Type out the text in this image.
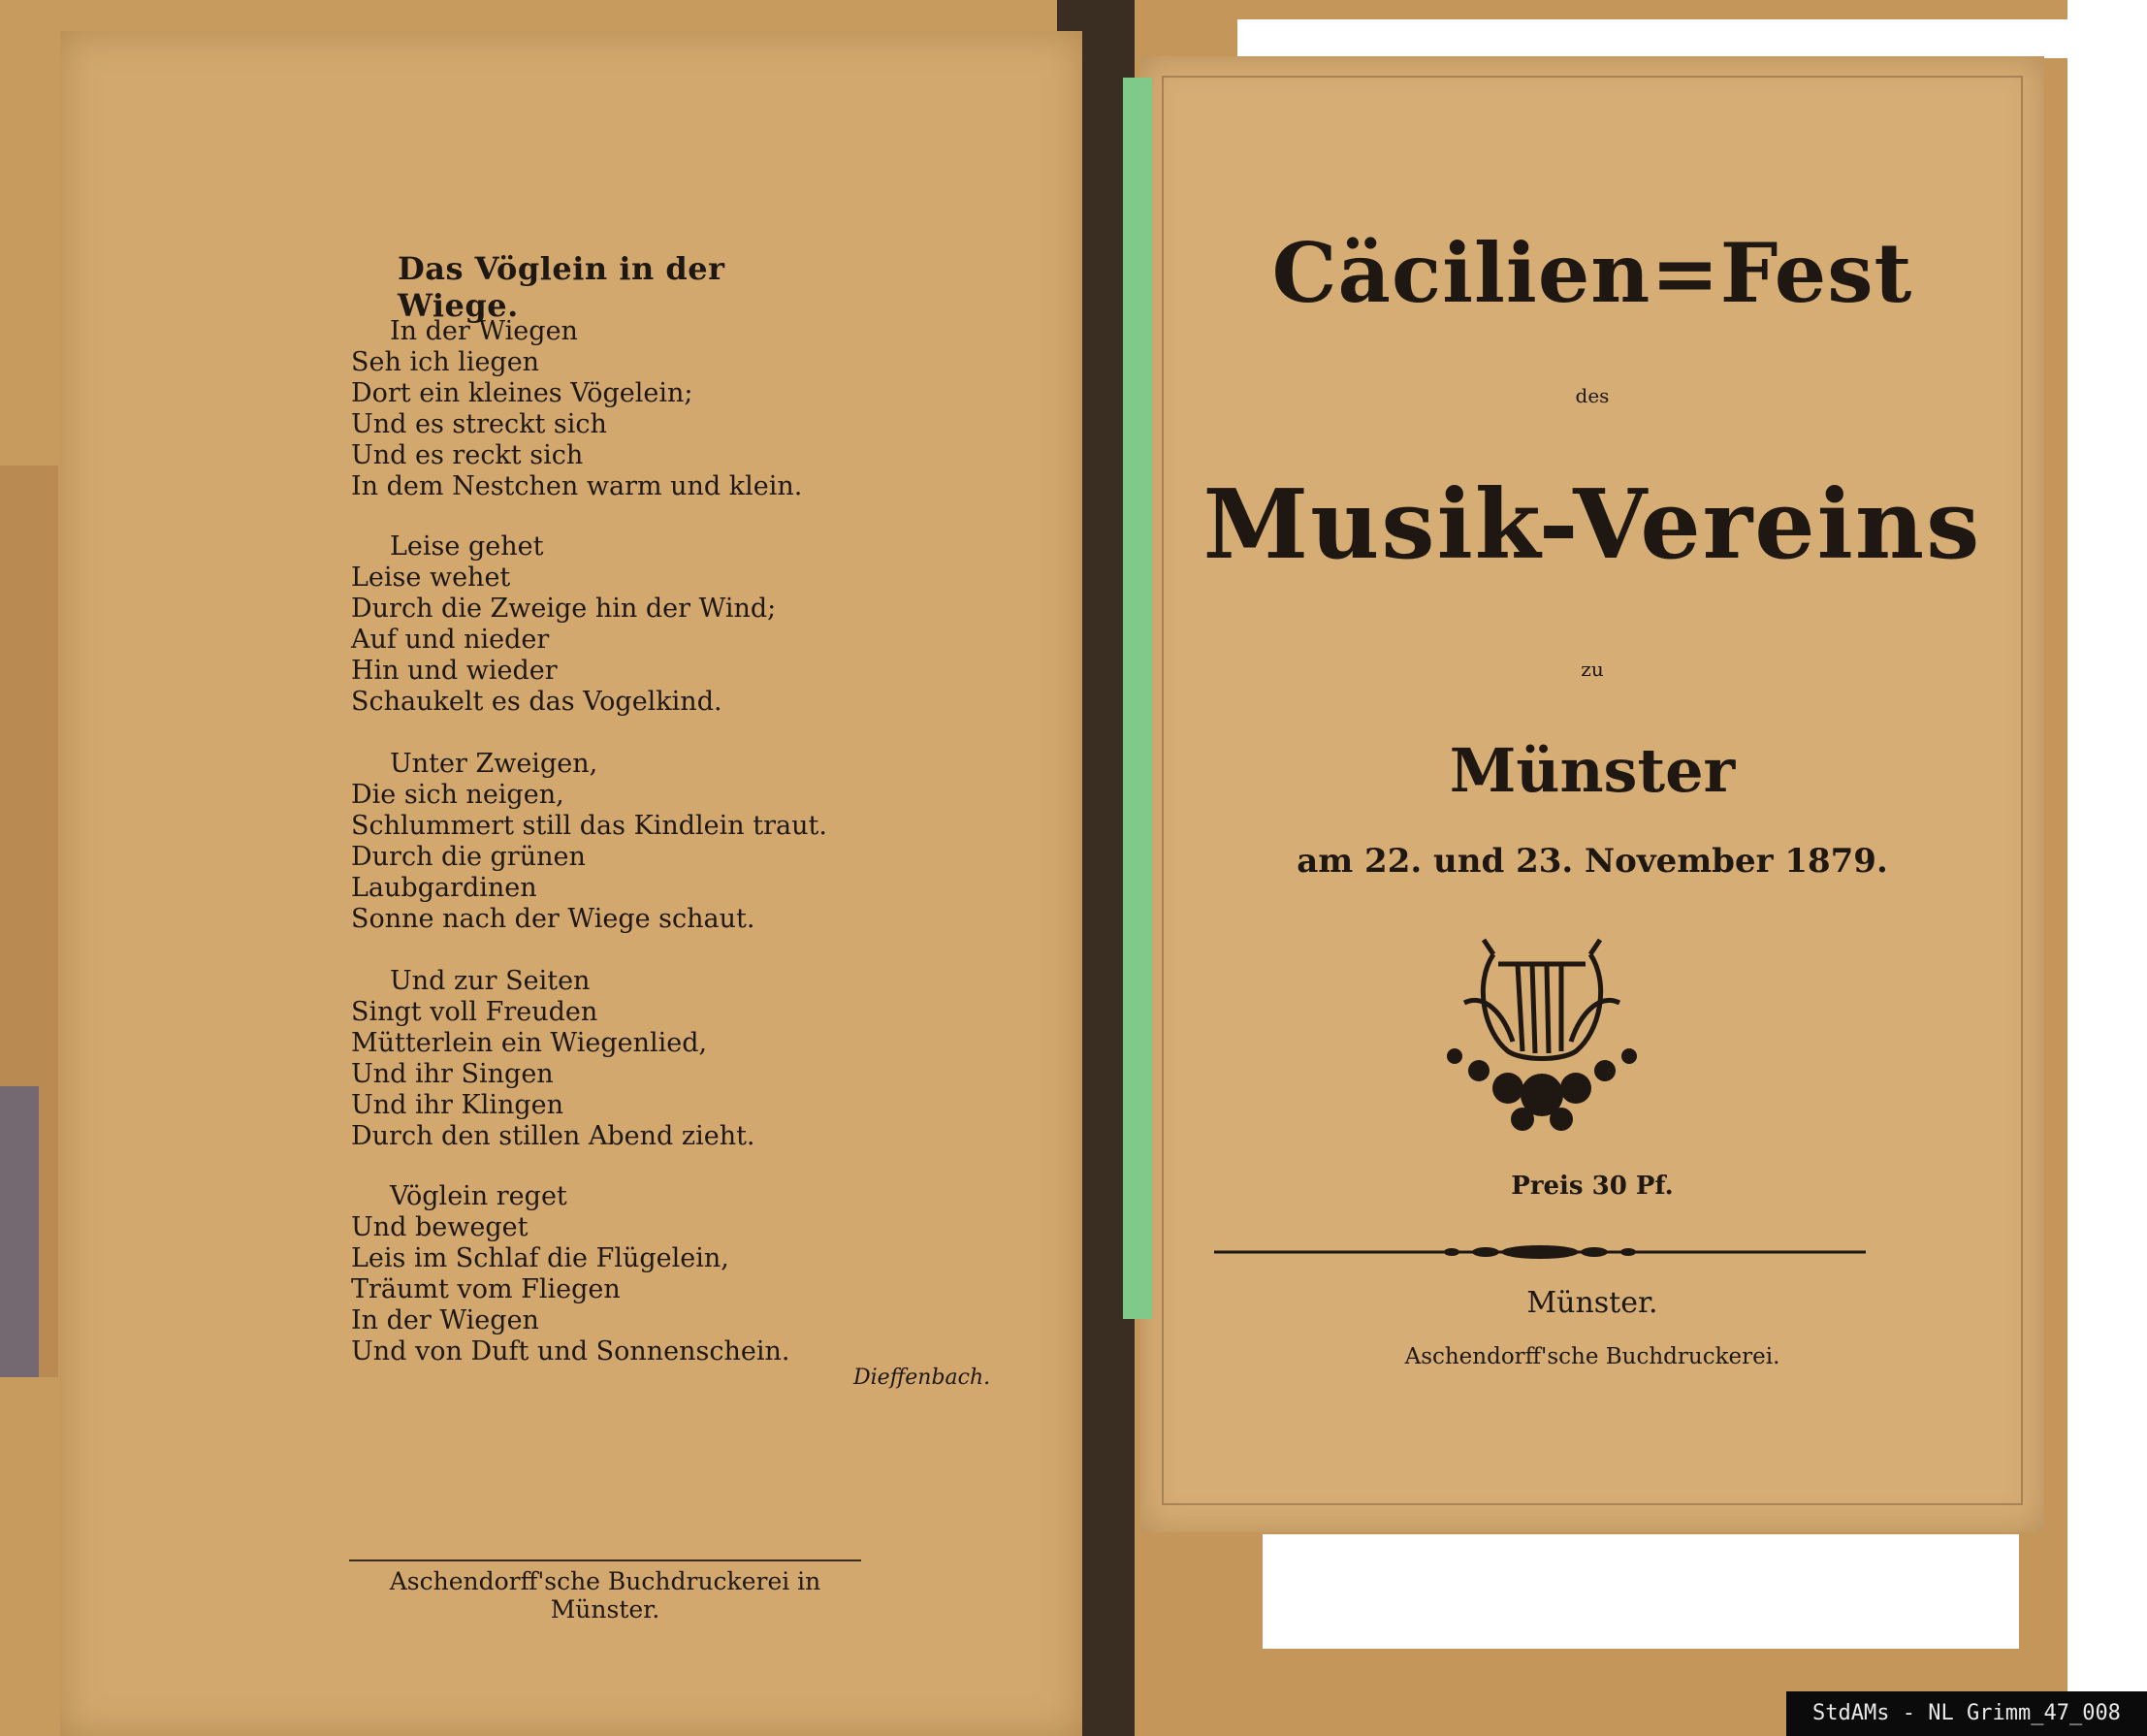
Das Vöglein in der Wiege.
In der Wiegen
Seh ich liegen
Dort ein kleines Vögelein;
Und es streckt sich
Und es reckt sich
In dem Nestchen warm und klein.
Leise gehet
Leise wehet
Durch die Zweige hin der Wind;
Auf und nieder
Hin und wieder
Schaukelt es das Vogelkind.
Unter Zweigen,
Die sich neigen,
Schlummert still das Kindlein traut.
Durch die grünen
Laubgardinen
Sonne nach der Wiege schaut.
Und zur Seiten
Singt voll Freuden
Mütterlein ein Wiegenlied,
Und ihr Singen
Und ihr Klingen
Durch den stillen Abend zieht.
Vöglein reget
Und beweget
Leis im Schlaf die Flügelein,
Träumt vom Fliegen
In der Wiegen
Und von Duft und Sonnenschein.
Dieffenbach.
Aschendorff'sche Buchdruckerei in Münster.
Cäcilien=Fest
des
Musik-Vereins
zu
Münster
am 22. und 23. November 1879.
Preis 30 Pf.
Münster.
Aschendorff'sche Buchdruckerei.
StdAMs - NL Grimm_47_008
